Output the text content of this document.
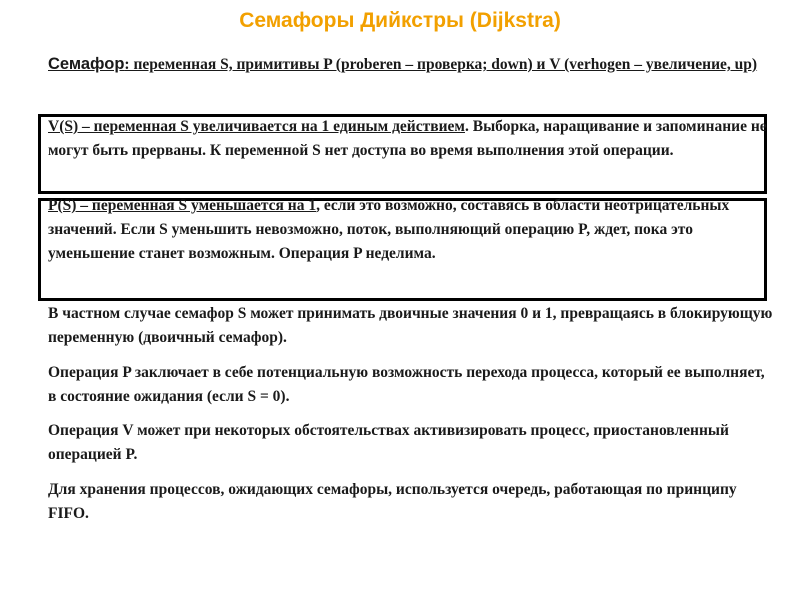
Семафоры Дийкстры (Dijkstra)

Семафор: переменная S, примитивы P (proberen – проверка; down) и V (verhogen – увеличение, up)

V(S) – переменная S увеличивается на 1 единым действием. Выборка, наращивание и запоминание не могут быть прерваны. К переменной S нет доступа во время выполнения этой операции.

P(S) – переменная S уменьшается на 1, если это возможно, составясь в области неотрицательных значений. Если S уменьшить невозможно, поток, выполняющий операцию P, ждет, пока это уменьшение станет возможным. Операция P неделима.

В частном случае семафор S может принимать двоичные значения 0 и 1, превращаясь в блокирующую переменную (двоичный семафор).

Операция P заключает в себе потенциальную возможность перехода процесса, который ее выполняет, в состояние ожидания (если S = 0).

Операция V может при некоторых обстоятельствах активизировать процесс, приостановленный операцией P.

Для хранения процессов, ожидающих семафоры, используется очередь, работающая по принципу FIFO.
